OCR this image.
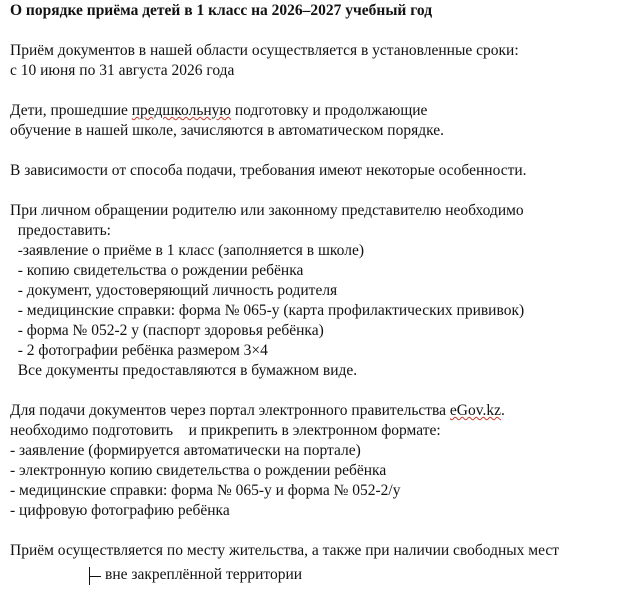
О порядке приёма детей в 1 класс на 2026–2027 учебный год
Приём документов в нашей области осуществляется в установленные сроки:
с 10 июня по 31 августа 2026 года
Дети, прошедшие предшкольную подготовку и продолжающие
обучение в нашей школе, зачисляются в автоматическом порядке.
В зависимости от способа подачи, требования имеют некоторые особенности.
При личном обращении родителю или законному представителю необходимо
предоставить:
-заявление о приёме в 1 класс (заполняется в школе)
- копию свидетельства о рождении ребёнка
- документ, удостоверяющий личность родителя
- медицинские справки: форма № 065-у (карта профилактических прививок)
- форма № 052-2 у (паспорт здоровья ребёнка)
- 2 фотографии ребёнка размером 3×4
Все документы предоставляются в бумажном виде.
Для подачи документов через портал электронного правительства eGov.kz.
необходимо подготовить    и прикрепить в электронном формате:
- заявление (формируется автоматически на портале)
- электронную копию свидетельства о рождении ребёнка
- медицинские справки: форма № 065-у и форма № 052-2/у
- цифровую фотографию ребёнка
Приём осуществляется по месту жительства, а также при наличии свободных мест
вне закреплённой территории
